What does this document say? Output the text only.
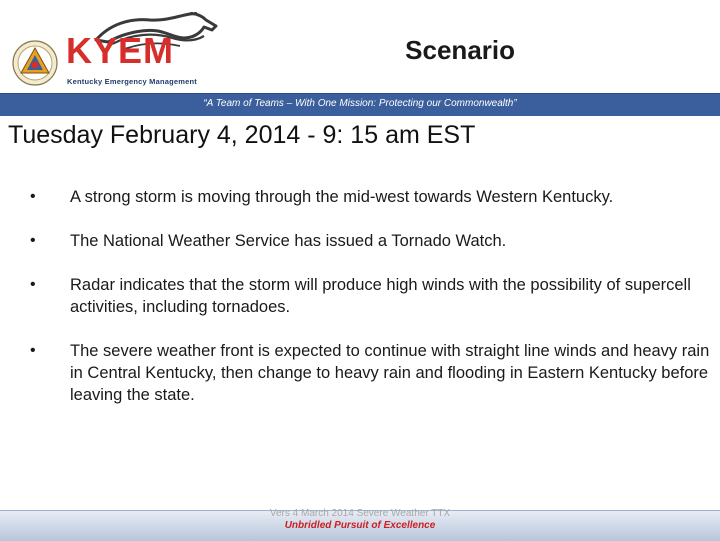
KYEM
Kentucky Emergency Management
Scenario
“A Team of Teams – With One Mission: Protecting our Commonwealth”
Tuesday February 4, 2014 - 9: 15 am EST
•	A strong storm is moving through the mid-west towards Western Kentucky.
•	The National Weather Service has issued a Tornado Watch.
•	Radar indicates that the storm will produce high winds with the possibility of supercell activities, including tornadoes.
•	The severe weather front is expected to continue with straight line winds and heavy rain in Central Kentucky, then change to heavy rain and flooding in Eastern Kentucky before leaving the state.
Vers 4 March 2014 Severe Weather TTX
Unbridled Pursuit of Excellence
